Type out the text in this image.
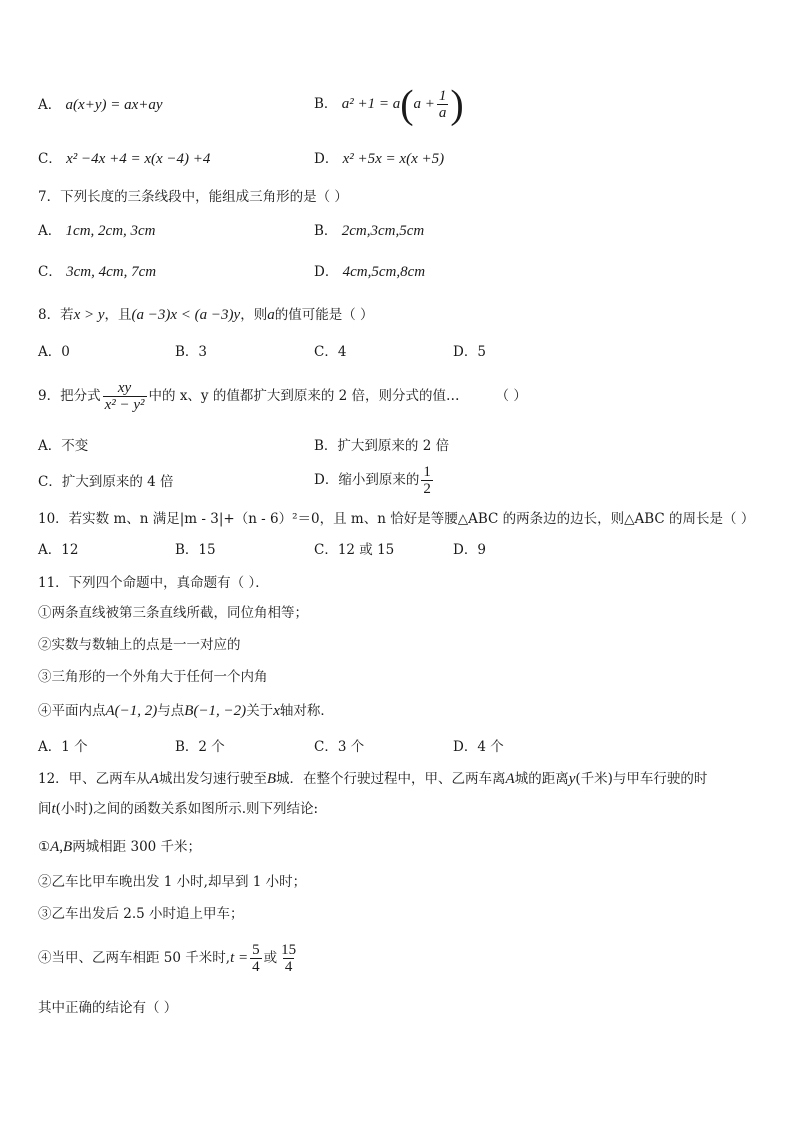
A． a(x+y) = ax+ay	B． $a^2 +1 = a(a + \frac{1}{a}$ )
C． x² −4x +4 = x(x −4) +4	D． x² +5x = x(x +5)
7．下列长度的三条线段中，能组成三角形的是（ ）
A． 1cm, 2cm, 3cm	B． 2cm,3cm,5cm
C． 3cm, 4cm, 7cm	D． 4cm,5cm,8cm
8．若x > y，且(a −3)x < (a −3)y，则a的值可能是（ ）
A．0	B．3	C．4	D．5
9．把分式 $\frac{xy}{\text{x² − y²}}$ 中的 x、y 的值都扩大到原来的 2 倍，则分式的值…	（ ）
A．不变	B．扩大到原来的 2 倍
C．扩大到原来的 4 倍	D．缩小到原来的 $\frac{1}{2}$
10．若实数 m、n 满足|m - 3|+（n - 6）²＝0，且 m、n 恰好是等腰△ABC 的两条边的边长，则△ABC 的周长是（ ）
A．12	B．15	C．12 或 15	D．9
11．下列四个命题中，真命题有（ ）．
①两条直线被第三条直线所截，同位角相等；
②实数与数轴上的点是一一对应的
③三角形的一个外角大于任何一个内角
④平面内点A(−1, 2)与点B(−1, −2)关于x轴对称．
A．1 个	B．2 个	C．3 个	D．4 个
12．甲、乙两车从A城出发匀速行驶至B城．在整个行驶过程中，甲、乙两车离A城的距离y(千米)与甲车行驶的时
间t(小时)之间的函数关系如图所示.则下列结论:
①A,B两城相距 300 千米；
②乙车比甲车晚出发 1 小时,却早到 1 小时；
③乙车出发后 2.5 小时追上甲车；
④当甲、乙两车相距 50 千米时$,t = \frac{5}{4}$ 或 $\frac{15}{4}$
其中正确的结论有（ ）
